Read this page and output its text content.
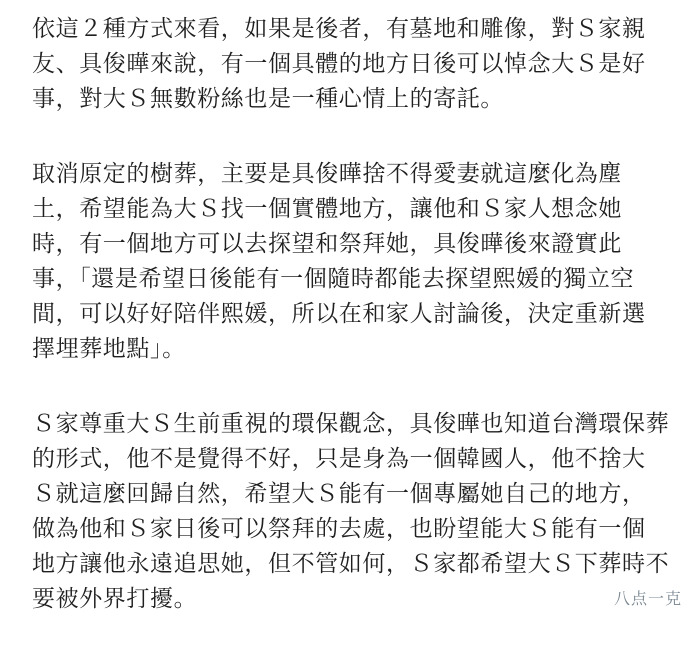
依這２種方式來看，如果是後者，有墓地和雕像，對Ｓ家親
友、具俊曄來說，有一個具體的地方日後可以悼念大Ｓ是好
事，對大Ｓ無數粉絲也是一種心情上的寄託。
取消原定的樹葬，主要是具俊曄捨不得愛妻就這麼化為塵
土，希望能為大Ｓ找一個實體地方，讓他和Ｓ家人想念她
時，有一個地方可以去探望和祭拜她，具俊曄後來證實此
事，「還是希望日後能有一個隨時都能去探望熙媛的獨立空
間，可以好好陪伴熙媛，所以在和家人討論後，決定重新選
擇埋葬地點」。
Ｓ家尊重大Ｓ生前重視的環保觀念，具俊曄也知道台灣環保葬
的形式，他不是覺得不好，只是身為一個韓國人，他不捨大
Ｓ就這麼回歸自然，希望大Ｓ能有一個專屬她自己的地方，
做為他和Ｓ家日後可以祭拜的去處，也盼望能大Ｓ能有一個
地方讓他永遠追思她，但不管如何，Ｓ家都希望大Ｓ下葬時不
要被外界打擾。	八点一克
